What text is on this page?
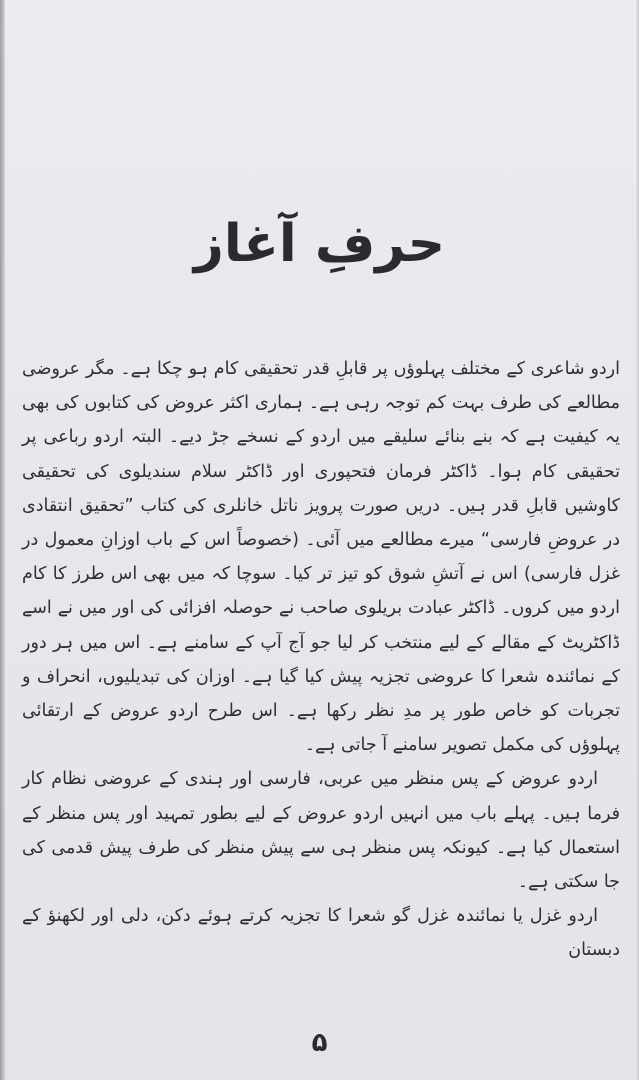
حرفِ آغاز

اردو شاعری کے مختلف پہلوؤں پر قابلِ قدر تحقیقی کام ہو چکا ہے۔ مگر عروضی مطالعے کی طرف بہت کم توجہ رہی ہے۔ ہماری اکثر عروض کی کتابوں کی بھی یہ کیفیت ہے کہ بنے بنائے سلیقے میں اردو کے نسخے جڑ دیے۔ البتہ اردو رباعی پر تحقیقی کام ہوا۔ ڈاکٹر فرمان فتحپوری اور ڈاکٹر سلام سندیلوی کی تحقیقی کاوشیں قابلِ قدر ہیں۔ دریں صورت پرویز ناتل خانلری کی کتاب ”تحقیق انتقادی در عروضِ فارسی“ میرے مطالعے میں آئی۔ (خصوصاً اس کے باب اوزانِ معمول در غزل فارسی) اس نے آتشِ شوق کو تیز تر کیا۔ سوچا کہ میں بھی اس طرز کا کام اردو میں کروں۔ ڈاکٹر عبادت بریلوی صاحب نے حوصلہ افزائی کی اور میں نے اسے ڈاکٹریٹ کے مقالے کے لیے منتخب کر لیا جو آج آپ کے سامنے ہے۔ اس میں ہر دور کے نمائندہ شعرا کا عروضی تجزیہ پیش کیا گیا ہے۔ اوزان کی تبدیلیوں، انحراف و تجربات کو خاص طور پر مدِ نظر رکھا ہے۔ اس طرح اردو عروض کے ارتقائی پہلوؤں کی مکمل تصویر سامنے آ جاتی ہے۔

اردو عروض کے پس منظر میں عربی، فارسی اور ہندی کے عروضی نظام کار فرما ہیں۔ پہلے باب میں انہیں اردو عروض کے لیے بطور تمہید اور پس منظر کے استعمال کیا ہے۔ کیونکہ پس منظر ہی سے پیش منظر کی طرف پیش قدمی کی جا سکتی ہے۔

اردو غزل یا نمائندہ غزل گو شعرا کا تجزیہ کرتے ہوئے دکن، دلی اور لکھنؤ کے دبستان

۵
